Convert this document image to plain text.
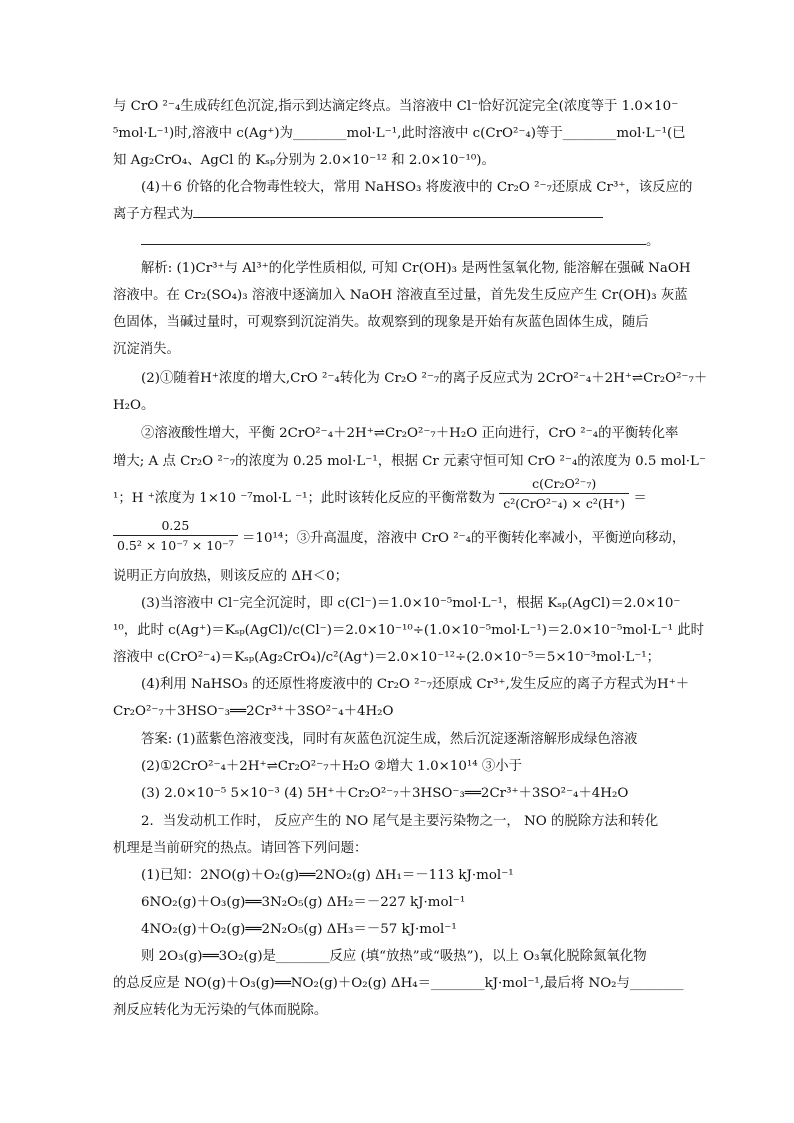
与 CrO ²⁻₄生成砖红色沉淀,指示到达滴定终点。当溶液中 Cl⁻恰好沉淀完全(浓度等于 1.0×10⁻
⁵mol·L⁻¹)时,溶液中 c(Ag⁺)为________mol·L⁻¹,此时溶液中 c(CrO²⁻₄)等于________mol·L⁻¹(已
知 Ag₂CrO₄、AgCl 的 Kₛₚ分别为 2.0×10⁻¹² 和 2.0×10⁻¹⁰)。
(4)＋6 价铬的化合物毒性较大，常用 NaHSO₃ 将废液中的 Cr₂O ²⁻₇还原成 Cr³⁺，该反应的
离子方程式为
。
解析: (1)Cr³⁺与 Al³⁺的化学性质相似, 可知 Cr(OH)₃ 是两性氢氧化物, 能溶解在强碱 NaOH
溶液中。在 Cr₂(SO₄)₃ 溶液中逐滴加入 NaOH 溶液直至过量，首先发生反应产生 Cr(OH)₃ 灰蓝
色固体，当碱过量时，可观察到沉淀消失。故观察到的现象是开始有灰蓝色固体生成，随后
沉淀消失。
(2)①随着H⁺浓度的增大,CrO ²⁻₄转化为 Cr₂O ²⁻₇的离子反应式为 2CrO²⁻₄＋2H⁺⇌Cr₂O²⁻₇＋
H₂O。
②溶液酸性增大，平衡 2CrO²⁻₄＋2H⁺⇌Cr₂O²⁻₇＋H₂O 正向进行，CrO ²⁻₄的平衡转化率
增大; A 点 Cr₂O ²⁻₇的浓度为 0.25 mol·L⁻¹，根据 Cr 元素守恒可知 CrO ²⁻₄的浓度为 0.5 mol·L⁻
¹；H ⁺浓度为 1×10 ⁻⁷mol·L ⁻¹；此时该转化反应的平衡常数为 $\frac{\text{c(Cr₂O²⁻₇)}}{\text{c²(CrO²⁻₄) × c²(H⁺)}}$ ＝
$\frac{0.25}{\text{0.5² × 10⁻⁷ × 10⁻⁷}} =10^{14}$；③升高温度，溶液中 CrO ²⁻₄的平衡转化率减小，平衡逆向移动，
说明正方向放热，则该反应的 ΔH＜0；
(3)当溶液中 Cl⁻完全沉淀时，即 c(Cl⁻)＝1.0×10⁻⁵mol·L⁻¹，根据 Kₛₚ(AgCl)＝2.0×10⁻
¹⁰，此时 c(Ag⁺)＝Kₛₚ(AgCl)/c(Cl⁻)＝2.0×10⁻¹⁰÷(1.0×10⁻⁵mol·L⁻¹)＝2.0×10⁻⁵mol·L⁻¹ 此时
溶液中 c(CrO²⁻₄)＝Kₛₚ(Ag₂CrO₄)/c²(Ag⁺)＝2.0×10⁻¹²÷(2.0×10⁻⁵＝5×10⁻³mol·L⁻¹；
(4)利用 NaHSO₃ 的还原性将废液中的 Cr₂O ²⁻₇还原成 Cr³⁺,发生反应的离子方程式为H⁺＋
Cr₂O²⁻₇＋3HSO⁻₃══2Cr³⁺＋3SO²⁻₄＋4H₂O
答案: (1)蓝紫色溶液变浅，同时有灰蓝色沉淀生成，然后沉淀逐渐溶解形成绿色溶液
(2)①2CrO²⁻₄＋2H⁺⇌Cr₂O²⁻₇＋H₂O ②增大 1.0×10¹⁴ ③小于
(3) 2.0×10⁻⁵ 5×10⁻³ (4) 5H⁺＋Cr₂O²⁻₇＋3HSO⁻₃══2Cr³⁺＋3SO²⁻₄＋4H₂O
2．当发动机工作时， 反应产生的 NO 尾气是主要污染物之一， NO 的脱除方法和转化
机理是当前研究的热点。请回答下列问题：
(1)已知：2NO(g)＋O₂(g)══2NO₂(g) ΔH₁＝－113 kJ·mol⁻¹
6NO₂(g)＋O₃(g)══3N₂O₅(g) ΔH₂＝－227 kJ·mol⁻¹
4NO₂(g)＋O₂(g)══2N₂O₅(g) ΔH₃＝－57 kJ·mol⁻¹
则 2O₃(g)══3O₂(g)是________反应 (填“放热”或“吸热”)，以上 O₃氧化脱除氮氧化物
的总反应是 NO(g)＋O₃(g)══NO₂(g)＋O₂(g) ΔH₄＝________kJ·mol⁻¹,最后将 NO₂与________
剂反应转化为无污染的气体而脱除。
